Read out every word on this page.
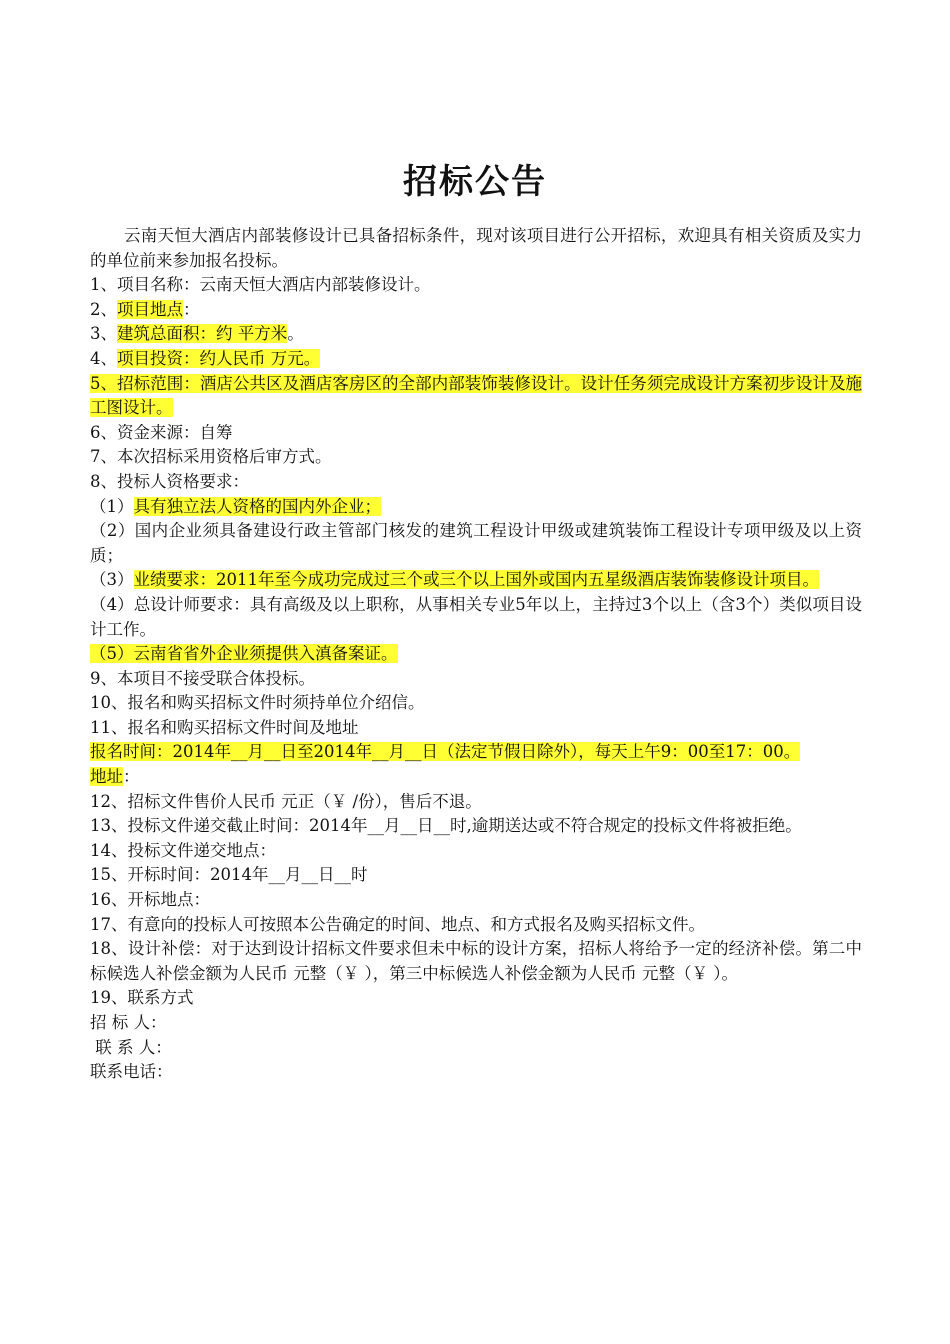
招标公告

云南天恒大酒店内部装修设计已具备招标条件，现对该项目进行公开招标，欢迎具有相关资质及实力的单位前来参加报名投标。

1、项目名称：云南天恒大酒店内部装修设计。

2、项目地点：

3、建筑总面积：约 平方米。

4、项目投资：约人民币 万元。

5、招标范围：酒店公共区及酒店客房区的全部内部装饰装修设计。设计任务须完成设计方案初步设计及施工图设计。

6、资金来源：自筹

7、本次招标采用资格后审方式。

8、投标人资格要求：

（1）具有独立法人资格的国内外企业；

（2）国内企业须具备建设行政主管部门核发的建筑工程设计甲级或建筑装饰工程设计专项甲级及以上资质；

（3）业绩要求：2011年至今成功完成过三个或三个以上国外或国内五星级酒店装饰装修设计项目。

（4）总设计师要求：具有高级及以上职称，从事相关专业5年以上，主持过3个以上（含3个）类似项目设计工作。

（5）云南省省外企业须提供入滇备案证。

9、本项目不接受联合体投标。

10、报名和购买招标文件时须持单位介绍信。

11、报名和购买招标文件时间及地址

报名时间：2014年__月__日至2014年__月__日（法定节假日除外），每天上午9：00至17：00。

地址：

12、招标文件售价人民币 元正（￥ /份），售后不退。

13、投标文件递交截止时间：2014年__月__日__时,逾期送达或不符合规定的投标文件将被拒绝。

14、投标文件递交地点：

15、开标时间：2014年__月__日__时

16、开标地点：

17、有意向的投标人可按照本公告确定的时间、地点、和方式报名及购买招标文件。

18、设计补偿：对于达到设计招标文件要求但未中标的设计方案，招标人将给予一定的经济补偿。第二中标候选人补偿金额为人民币 元整（￥ ），第三中标候选人补偿金额为人民币 元整（￥ ）。

19、联系方式

招 标 人：

联 系 人：

联系电话：
